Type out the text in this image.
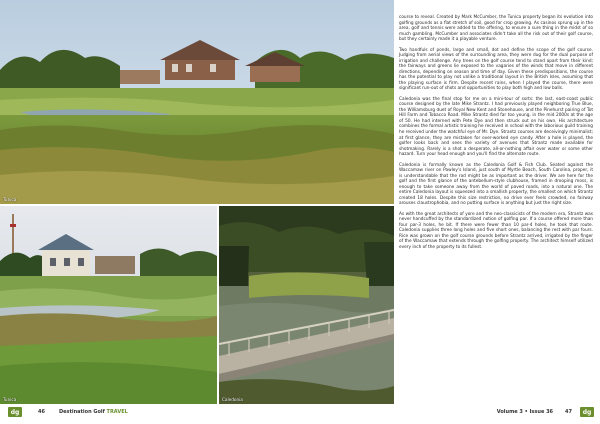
Tunica
Tunica	Caledonia

course to reveal. Created by Mark McCumber, the Tunica property began its evolution into golfing grounds as a flat stretch of soil, good for crop growing. As casinos sprung up in the area, golf and tennis were added to the offering, to ensure a sure thing in the midst of so much gambling. McCumber and associates didn't take all the risk out of their golf course, but they certainly made it a playable venture.

Two handfuls of ponds, large and small, dot and define the scope of the golf course. Judging from aerial views of the surrounding area, they were dug for the dual purpose of irrigation and challenge. Any trees on the golf course tend to stand apart from their kind; the fairways and greens lie exposed to the vagaries of the winds that move in different directions, depending on season and time of day. Given these predispositions, the course has the potential to play not unlike a traditional layout in the British Isles, assuming that the playing surface is firm. Despite recent rains, when I played the course, there were significant run-out of shots and opportunities to play both high and low balls.

Caledonia was the final stop for me on a mini-tour of sorts: the last, east-coast public course designed by the late Mike Strantz. I had previously played neighboring True Blue, the Williamsburg duet of Royal New Kent and Stonehouse, and the Pinehurst pairing of Tot Hill Farm and Tobacco Road. Mike Strantz died far too young, in the mid 2000s at the age of 50. He had interned with Pete Dye and then struck out on his own. His architecture combines the formal artistic training he received in school with the laborious guild training he received under the watchful eye of Mr. Dye. Strantz courses are deceivingly minimalist; at first glance, they are mistaken for over-worked eye candy. After a hole is played, the golfer looks back and sees the variety of avenues that Strantz made available for shotmaking. Rarely is a shot a desperate, all-or-nothing affair over water or some other hazard. Turn your head enough and you'll find the alternate route.

Caledonia is formally known as the Caledonia Golf & Fish Club. Seated against the Waccamaw river on Pawley's Island, just south of Myrtle Beach, South Carolina, proper, it is understandable that the rod might be as important as the driver. We are here for the golf and the first glance of the antebellum-style clubhouse, framed in drooping moss, is enough to take someone away from the world of paved roads, into a natural one. The entire Caledonia layout is squeezed into a smallish property, the smallest on which Strantz created 18 holes. Despite this size restriction, no drive ever feels crowded, no fairway arouses claustrophobia, and no putting surface is anything but just the right size.

As with the great architects of yore and the neo-classicists of the modern era, Strantz was never handcuffed by the standardized notion of golfing par. If a course offered more than four par-3 holes, he bit. If there were fewer than 10 par-4 holes, he took that route. Caledonia supplies three long holes and five short ones, balancing the rest with par fours. Rice was grown on the golf course grounds before Strantz arrived, irrigated by the finger of the Waccamaw that extends through the golfing property. The architect himself utilized every inch of the property to its fullest.

dg	46	Destination Golf TRAVEL	Volume 3 • Issue 36 47	dg
